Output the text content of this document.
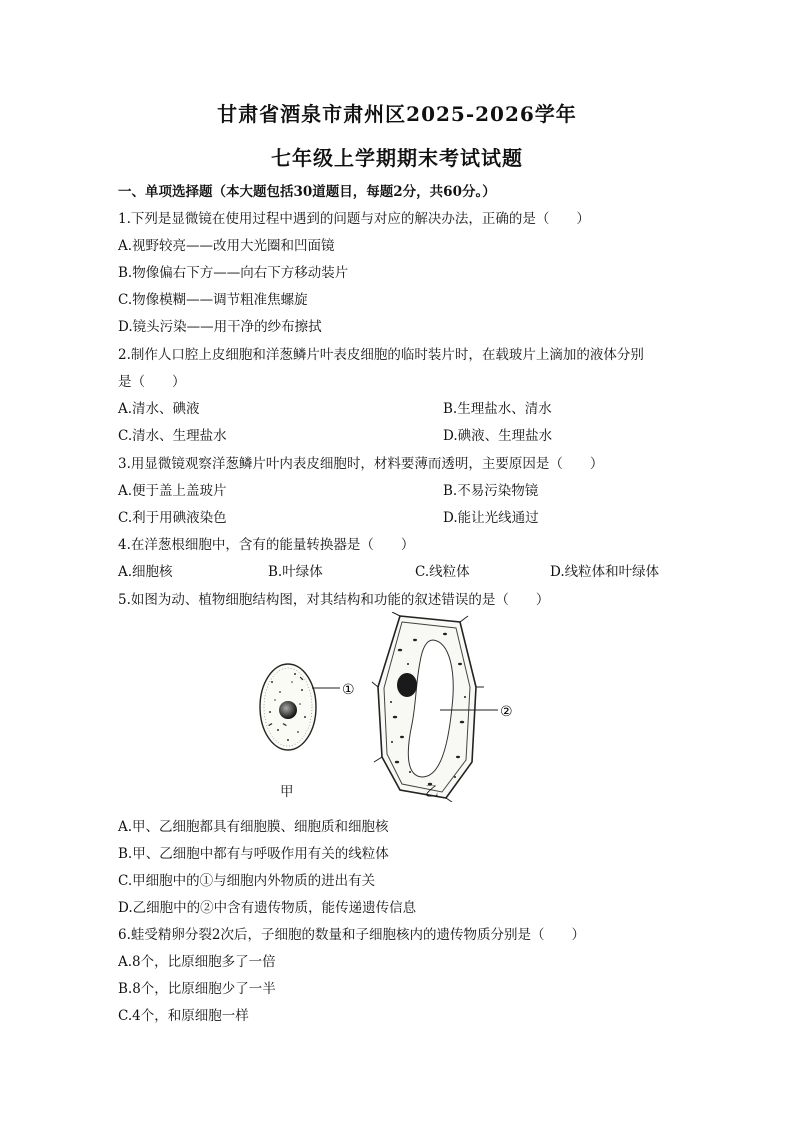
甘肃省酒泉市肃州区2025-2026学年
七年级上学期期末考试试题
一、单项选择题（本大题包括30道题目，每题2分，共60分。）
1.下列是显微镜在使用过程中遇到的问题与对应的解决办法，正确的是（　　）
A.视野较亮——改用大光圈和凹面镜
B.物像偏右下方——向右下方移动装片
C.物像模糊——调节粗准焦螺旋
D.镜头污染——用干净的纱布擦拭
2.制作人口腔上皮细胞和洋葱鳞片叶表皮细胞的临时装片时，在载玻片上滴加的液体分别
是（　　）
A.清水、碘液	B.生理盐水、清水
C.清水、生理盐水	D.碘液、生理盐水
3.用显微镜观察洋葱鳞片叶内表皮细胞时，材料要薄而透明，主要原因是（　　）
A.便于盖上盖玻片	B.不易污染物镜
C.利于用碘液染色	D.能让光线通过
4.在洋葱根细胞中，含有的能量转换器是（　　）
A.细胞核	B.叶绿体	C.线粒体	D.线粒体和叶绿体
5.如图为动、植物细胞结构图，对其结构和功能的叙述错误的是（　　）
①
②
甲	乙
A.甲、乙细胞都具有细胞膜、细胞质和细胞核
B.甲、乙细胞中都有与呼吸作用有关的线粒体
C.甲细胞中的①与细胞内外物质的进出有关
D.乙细胞中的②中含有遗传物质，能传递遗传信息
6.蛙受精卵分裂2次后，子细胞的数量和子细胞核内的遗传物质分别是（　　）
A.8个，比原细胞多了一倍
B.8个，比原细胞少了一半
C.4个，和原细胞一样
